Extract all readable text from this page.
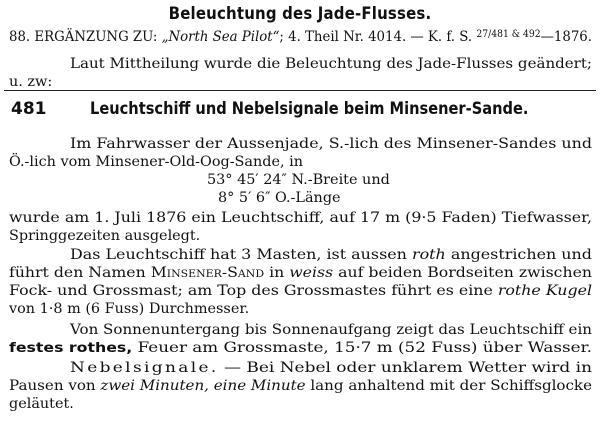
Beleuchtung des Jade-Flusses.
88. ERGÄNZUNG ZU: „North Sea Pilot“; 4. Theil Nr. 4014. — K. f. S. $^{27/481 \& 492}$—1876.
Laut Mittheilung wurde die Beleuchtung des Jade-Flusses geändert;
u. zw:
481	Leuchtschiff und Nebelsignale beim Minsener-Sande.
Im Fahrwasser der Aussenjade, S.-lich des Minsener-Sandes und
Ö.-lich vom Minsener-Old-Oog-Sande, in
53° 45′ 24″ N.-Breite und
8° 5′ 6″ O.-Länge
wurde am 1. Juli 1876 ein Leuchtschiff, auf 17 m (9·5 Faden) Tiefwasser,
Springgezeiten ausgelegt.
Das Leuchtschiff hat 3 Masten, ist aussen roth angestrichen und
führt den Namen Minsener-Sand in weiss auf beiden Bordseiten zwischen
Fock- und Grossmast; am Top des Grossmastes führt es eine rothe Kugel
von 1·8 m (6 Fuss) Durchmesser.
Von Sonnenuntergang bis Sonnenaufgang zeigt das Leuchtschiff ein
festes rothes, Feuer am Grossmaste, 15·7 m (52 Fuss) über Wasser.
Nebelsignale. — Bei Nebel oder unklarem Wetter wird in
Pausen von zwei Minuten, eine Minute lang anhaltend mit der Schiffsglocke
geläutet.
